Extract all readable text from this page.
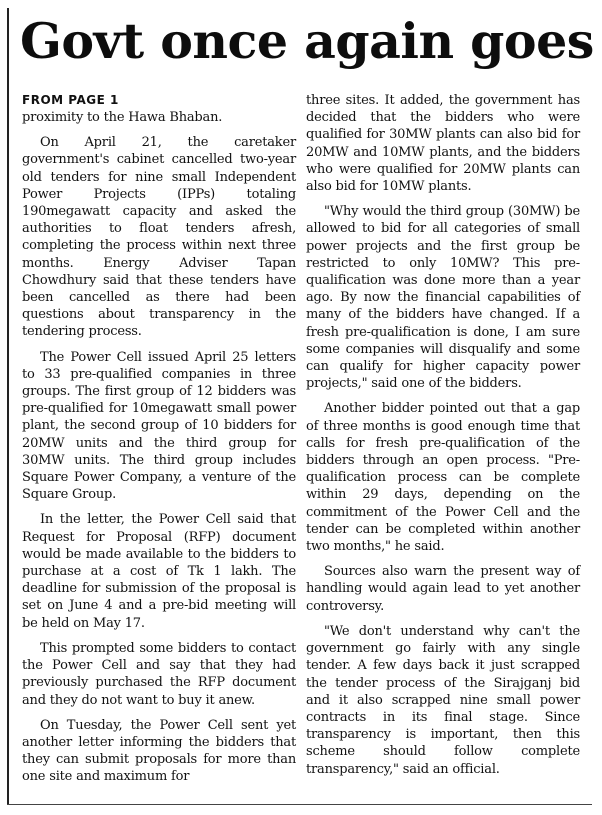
Govt once again goes
FROM PAGE 1

proximity to the Hawa Bhaban.

On April 21, the caretaker government's cabinet cancelled two-year old tenders for nine small Independent Power Projects (IPPs) totaling 190megawatt capacity and asked the authorities to float tenders afresh, completing the process within next three months. Energy Adviser Tapan Chowdhury said that these tenders have been cancelled as there had been questions about transparency in the tendering process.

The Power Cell issued April 25 letters to 33 pre-qualified companies in three groups. The first group of 12 bidders was pre-qualified for 10megawatt small power plant, the second group of 10 bidders for 20MW units and the third group for 30MW units. The third group includes Square Power Company, a venture of the Square Group.

In the letter, the Power Cell said that Request for Proposal (RFP) document would be made available to the bidders to purchase at a cost of Tk 1 lakh. The deadline for submission of the proposal is set on June 4 and a pre-bid meeting will be held on May 17.

This prompted some bidders to contact the Power Cell and say that they had previously purchased the RFP document and they do not want to buy it anew.

On Tuesday, the Power Cell sent yet another letter informing the bidders that they can submit proposals for more than one site and maximum for

three sites. It added, the government has decided that the bidders who were qualified for 30MW plants can also bid for 20MW and 10MW plants, and the bidders who were qualified for 20MW plants can also bid for 10MW plants.

"Why would the third group (30MW) be allowed to bid for all categories of small power projects and the first group be restricted to only 10MW? This pre-qualification was done more than a year ago. By now the financial capabilities of many of the bidders have changed. If a fresh pre-qualification is done, I am sure some companies will disqualify and some can qualify for higher capacity power projects," said one of the bidders.

Another bidder pointed out that a gap of three months is good enough time that calls for fresh pre-qualification of the bidders through an open process. "Pre-qualification process can be complete within 29 days, depending on the commitment of the Power Cell and the tender can be completed within another two months," he said.

Sources also warn the present way of handling would again lead to yet another controversy.

"We don't understand why can't the government go fairly with any single tender. A few days back it just scrapped the tender process of the Sirajganj bid and it also scrapped nine small power contracts in its final stage. Since transparency is important, then this scheme should follow complete transparency," said an official.
